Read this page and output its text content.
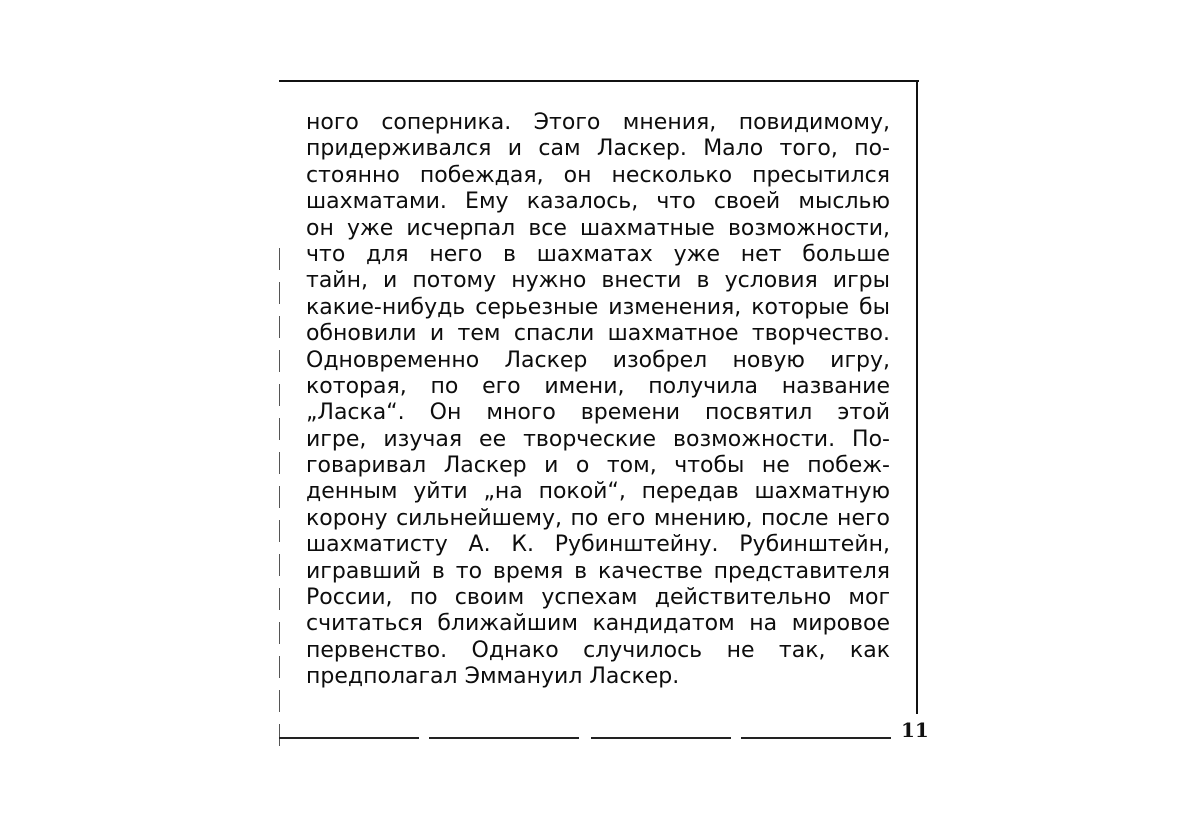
ного соперника. Этого мнения, повидимому,
придерживался и сам Ласкер. Мало того, по-
стоянно побеждая, он несколько пресытился
шахматами. Ему казалось, что своей мыслью
он уже исчерпал все шахматные возможности,
что для него в шахматах уже нет больше
тайн, и потому нужно внести в условия игры
какие-нибудь серьезные изменения, которые бы
обновили и тем спасли шахматное творчество.
Одновременно Ласкер изобрел новую игру,
которая, по его имени, получила название
„Ласка“. Он много времени посвятил этой
игре, изучая ее творческие возможности. По-
говаривал Ласкер и о том, чтобы не побеж-
денным уйти „на покой“, передав шахматную
корону сильнейшему, по его мнению, после него
шахматисту А. К. Рубинштейну. Рубинштейн,
игравший в то время в качестве представителя
России, по своим успехам действительно мог
считаться ближайшим кандидатом на мировое
первенство. Однако случилось не так, как
предполагал Эммануил Ласкер.
11
